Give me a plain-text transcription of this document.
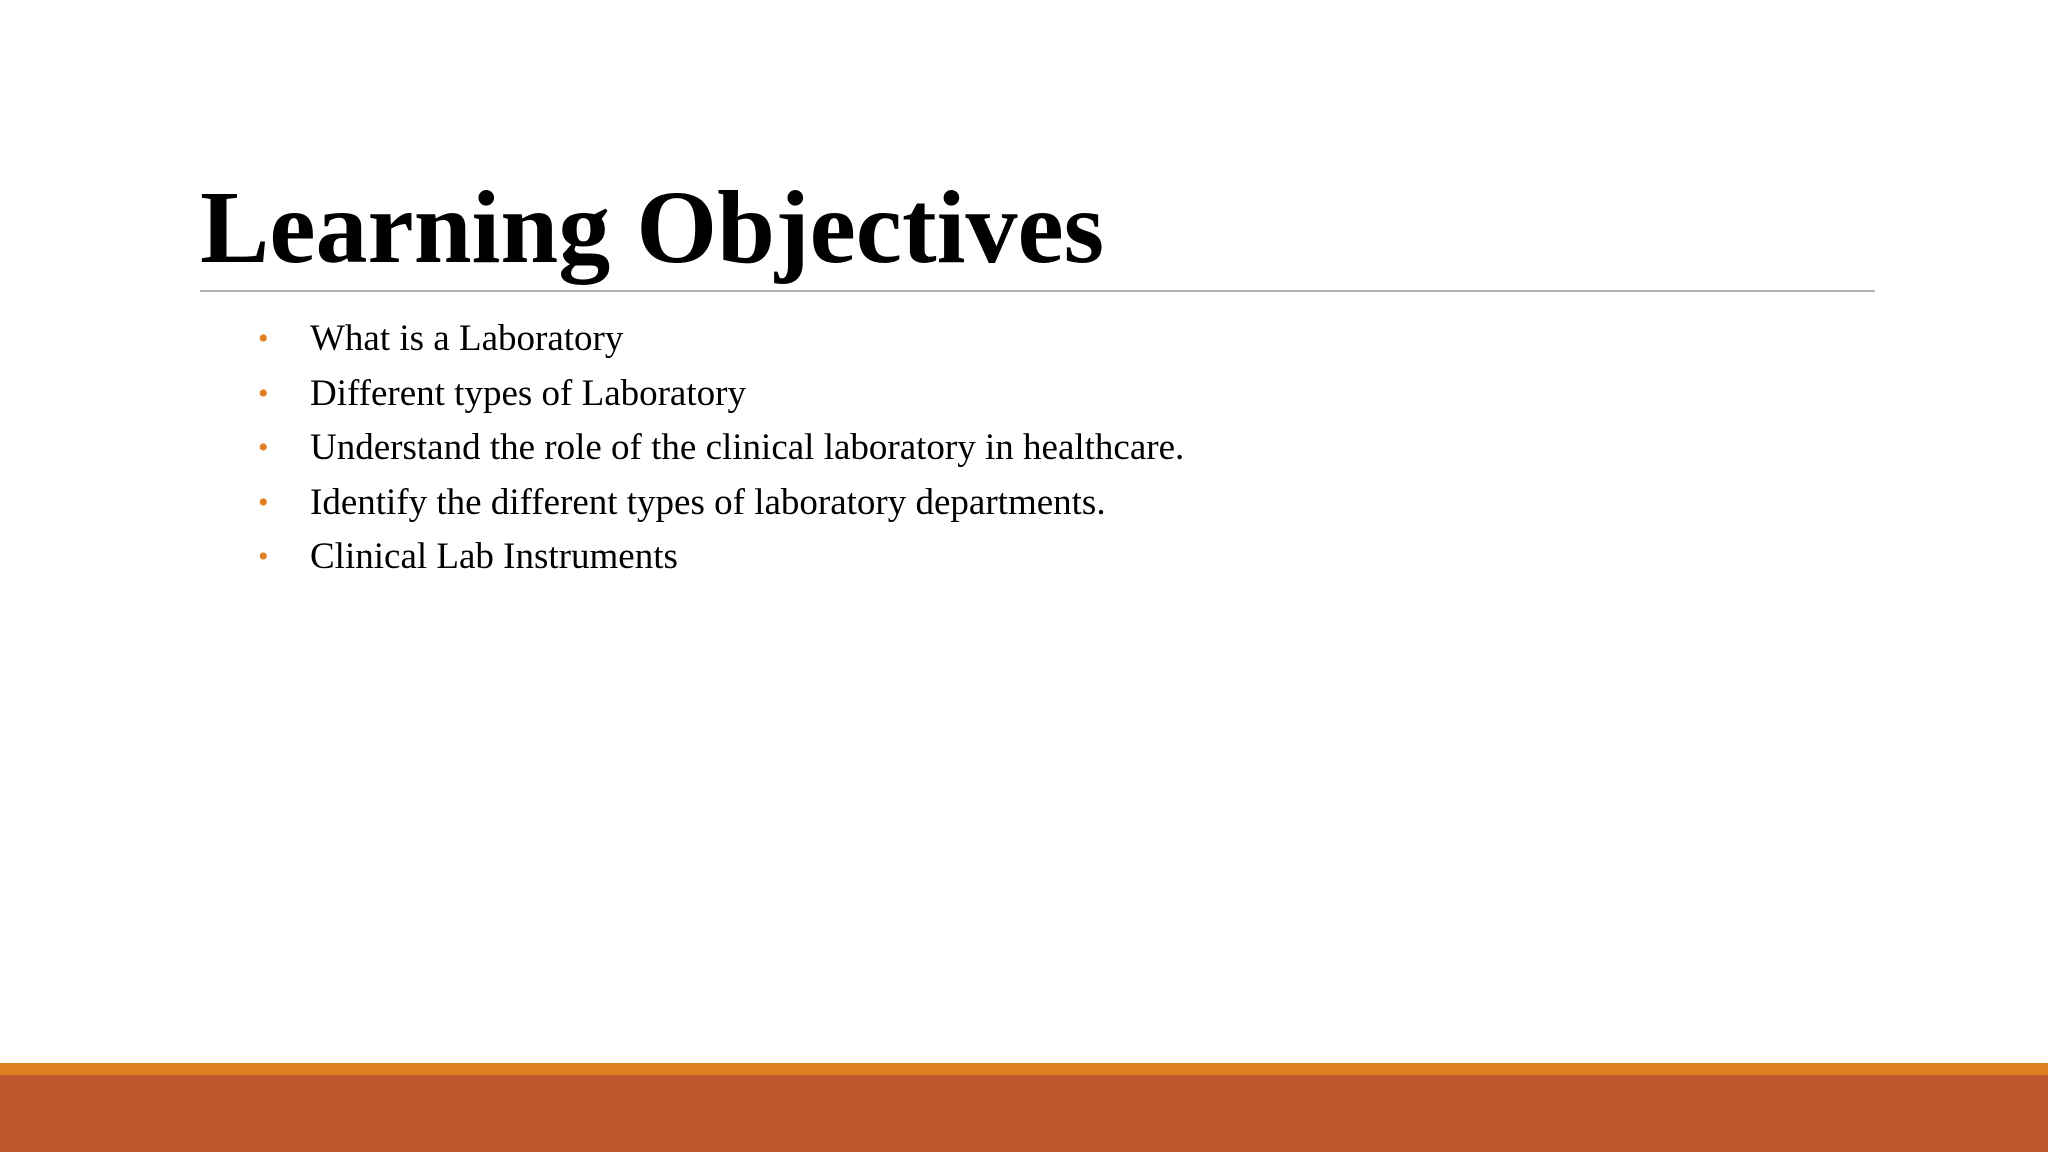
Learning Objectives
• What is a Laboratory
• Different types of Laboratory
• Understand the role of the clinical laboratory in healthcare.
• Identify the different types of laboratory departments.
• Clinical Lab Instruments
